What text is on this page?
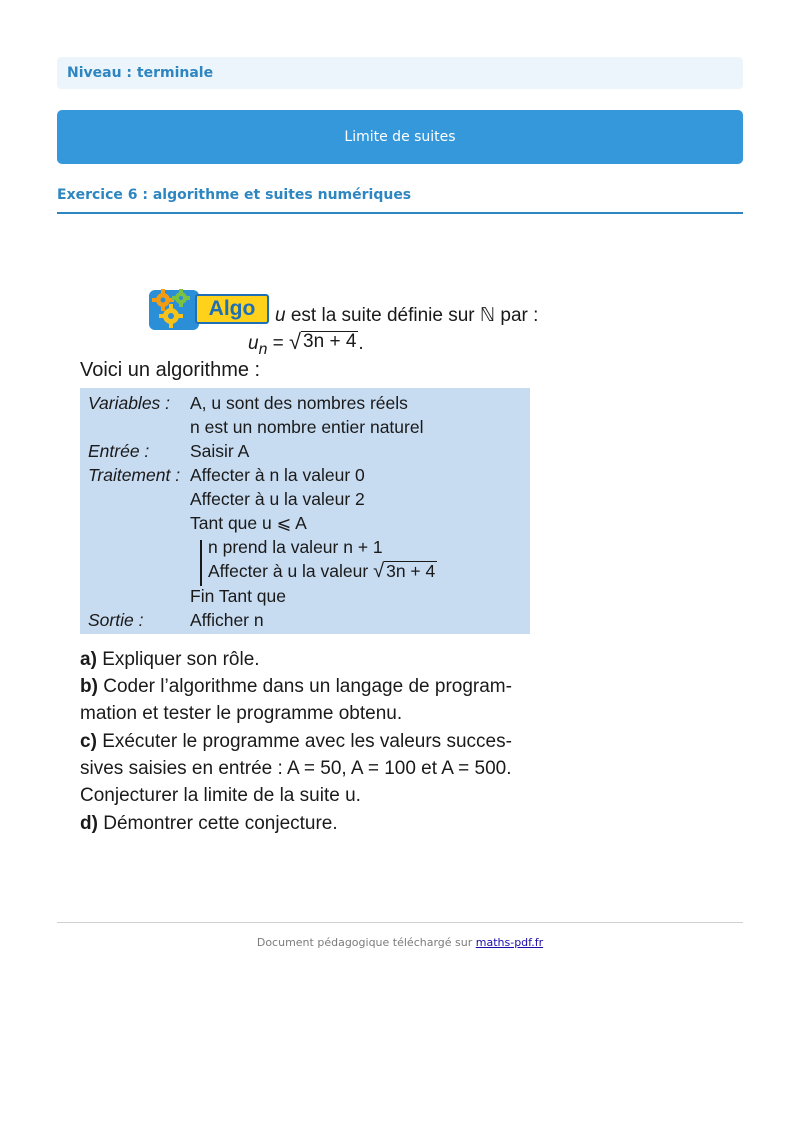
Niveau : terminale
Limite de suites
Exercice 6 : algorithme et suites numériques
Algo	u est la suite définie sur ℕ par :
$u_n$ = √ 3n + 4 .
Voici un algorithme :
Variables : A, u sont des nombres réels
n est un nombre entier naturel
Entrée : Saisir A
Traitement : Affecter à n la valeur 0
Affecter à u la valeur 2
Tant que u ⩽ A
n prend la valeur n + 1
Affecter à u la valeur √ 3n + 4
Fin Tant que
Sortie :	Afficher n
a) Expliquer son rôle.
b) Coder l’algorithme dans un langage de program-
mation et tester le programme obtenu.
c) Exécuter le programme avec les valeurs succes-
sives saisies en entrée : A = 50, A = 100 et A = 500.
Conjecturer la limite de la suite u.
d) Démontrer cette conjecture.
Document pédagogique téléchargé sur maths-pdf.fr
